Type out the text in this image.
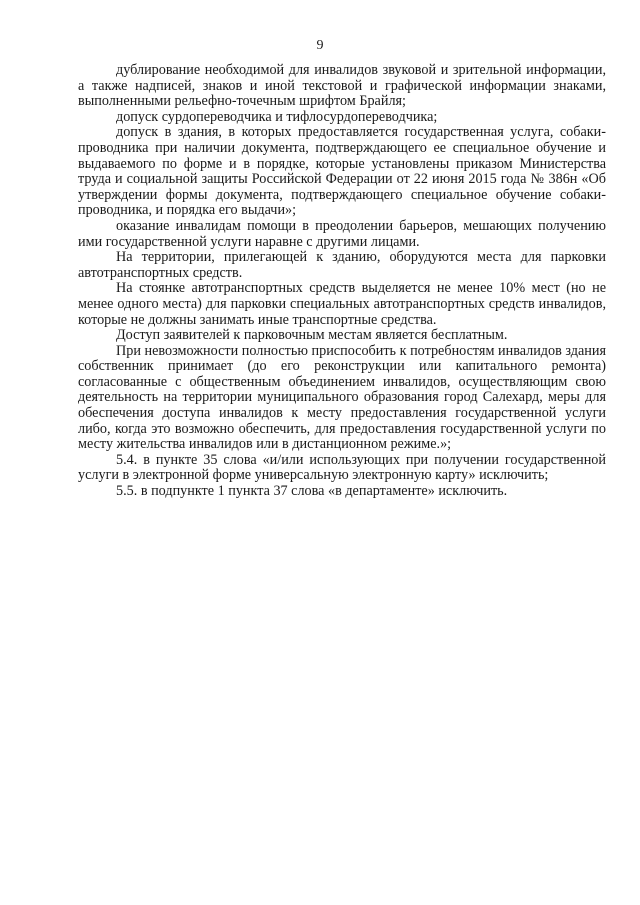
9

дублирование необходимой для инвалидов звуковой и зрительной информации, а также надписей, знаков и иной текстовой и графической информации знаками, выполненными рельефно-точечным шрифтом Брайля;

допуск сурдопереводчика и тифлосурдопереводчика;

допуск в здания, в которых предоставляется государственная услуга, собаки-проводника при наличии документа, подтверждающего ее специальное обучение и выдаваемого по форме и в порядке, которые установлены приказом Министерства труда и социальной защиты Российской Федерации от 22 июня 2015 года № 386н «Об утверждении формы документа, подтверждающего специальное обучение собаки-проводника, и порядка его выдачи»;

оказание инвалидам помощи в преодолении барьеров, мешающих получению ими государственной услуги наравне с другими лицами.

На территории, прилегающей к зданию, оборудуются места для парковки автотранспортных средств.

На стоянке автотранспортных средств выделяется не менее 10% мест (но не менее одного места) для парковки специальных автотранспортных средств инвалидов, которые не должны занимать иные транспортные средства.

Доступ заявителей к парковочным местам является бесплатным.

При невозможности полностью приспособить к потребностям инвалидов здания собственник принимает (до его реконструкции или капитального ремонта) согласованные с общественным объединением инвалидов, осуществляющим свою деятельность на территории муниципального образования город Салехард, меры для обеспечения доступа инвалидов к месту предоставления государственной услуги либо, когда это возможно обеспечить, для предоставления государственной услуги по месту жительства инвалидов или в дистанционном режиме.»;

5.4. в пункте 35 слова «и/или использующих при получении государственной услуги в электронной форме универсальную электронную карту» исключить;

5.5. в подпункте 1 пункта 37 слова «в департаменте» исключить.
